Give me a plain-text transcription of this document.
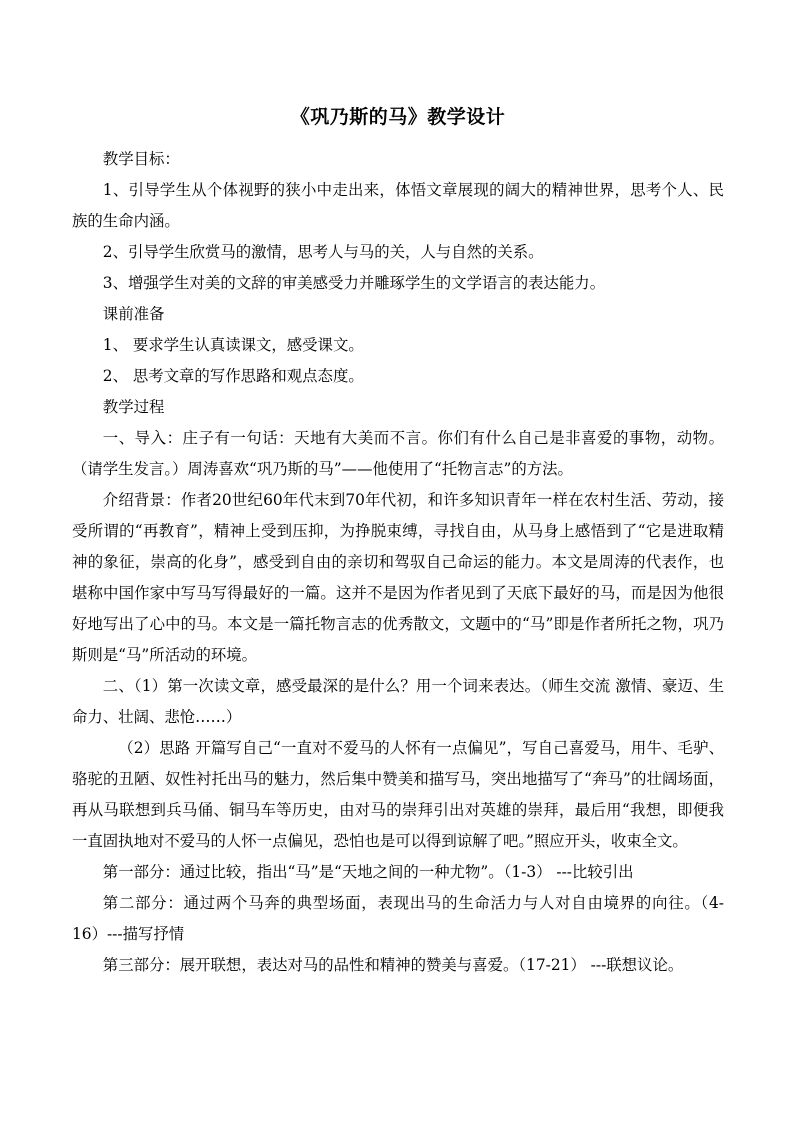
《巩乃斯的马》教学设计

教学目标：

1、引导学生从个体视野的狭小中走出来，体悟文章展现的阔大的精神世界，思考个人、民族的生命内涵。

2、引导学生欣赏马的激情，思考人与马的关，人与自然的关系。

3、增强学生对美的文辞的审美感受力并雕琢学生的文学语言的表达能力。

课前准备

1、 要求学生认真读课文，感受课文。

2、 思考文章的写作思路和观点态度。

教学过程

一、导入：庄子有一句话：天地有大美而不言。你们有什么自己是非喜爱的事物，动物。（请学生发言。）周涛喜欢“巩乃斯的马”——他使用了“托物言志”的方法。

介绍背景：作者20世纪60年代末到70年代初，和许多知识青年一样在农村生活、劳动，接受所谓的“再教育”，精神上受到压抑，为挣脱束缚，寻找自由，从马身上感悟到了“它是进取精神的象征，崇高的化身”，感受到自由的亲切和驾驭自己命运的能力。本文是周涛的代表作，也堪称中国作家中写马写得最好的一篇。这并不是因为作者见到了天底下最好的马，而是因为他很好地写出了心中的马。本文是一篇托物言志的优秀散文，文题中的“马”即是作者所托之物，巩乃斯则是“马”所活动的环境。

二、（1）第一次读文章，感受最深的是什么？用一个词来表达。（师生交流 激情、豪迈、生命力、壮阔、悲怆……）

（2）思路 开篇写自己“一直对不爱马的人怀有一点偏见”，写自己喜爱马，用牛、毛驴、骆驼的丑陋、奴性衬托出马的魅力，然后集中赞美和描写马，突出地描写了“奔马”的壮阔场面，再从马联想到兵马俑、铜马车等历史，由对马的崇拜引出对英雄的崇拜，最后用“我想，即便我一直固执地对不爱马的人怀一点偏见，恐怕也是可以得到谅解了吧。”照应开头，收束全文。

第一部分：通过比较，指出“马”是“天地之间的一种尤物”。（1-3） ---比较引出

第二部分：通过两个马奔的典型场面，表现出马的生命活力与人对自由境界的向往。（4-16）---描写抒情

第三部分：展开联想，表达对马的品性和精神的赞美与喜爱。（17-21） ---联想议论。
